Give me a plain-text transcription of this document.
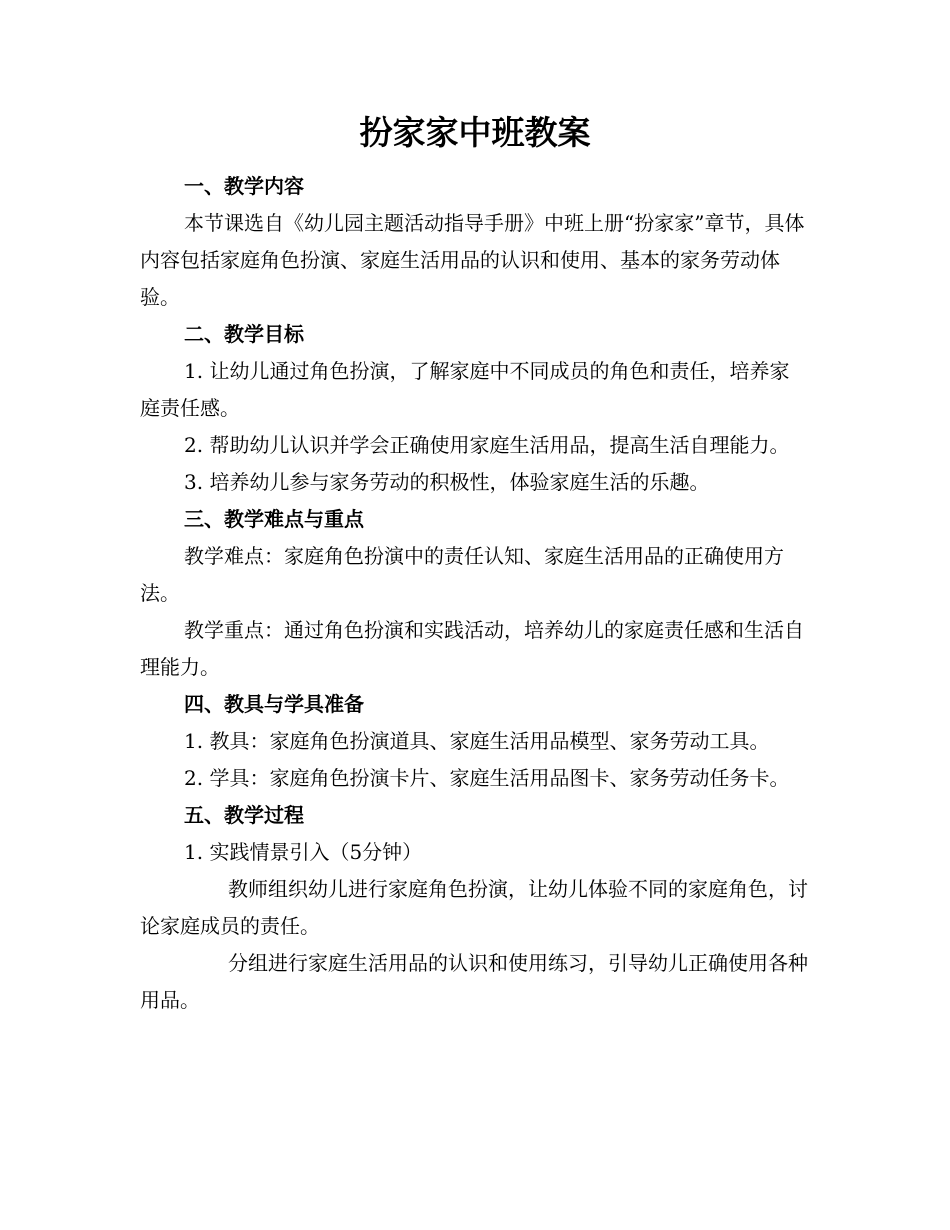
扮家家中班教案

一、教学内容

本节课选自《幼儿园主题活动指导手册》中班上册“扮家家”章节，具体内容包括家庭角色扮演、家庭生活用品的认识和使用、基本的家务劳动体验。

二、教学目标

1. 让幼儿通过角色扮演，了解家庭中不同成员的角色和责任，培养家庭责任感。

2. 帮助幼儿认识并学会正确使用家庭生活用品，提高生活自理能力。

3. 培养幼儿参与家务劳动的积极性，体验家庭生活的乐趣。

三、教学难点与重点

教学难点：家庭角色扮演中的责任认知、家庭生活用品的正确使用方法。

教学重点：通过角色扮演和实践活动，培养幼儿的家庭责任感和生活自理能力。

四、教具与学具准备

1. 教具：家庭角色扮演道具、家庭生活用品模型、家务劳动工具。

2. 学具：家庭角色扮演卡片、家庭生活用品图卡、家务劳动任务卡。

五、教学过程

1. 实践情景引入（5分钟）

教师组织幼儿进行家庭角色扮演，让幼儿体验不同的家庭角色，讨论家庭成员的责任。

分组进行家庭生活用品的认识和使用练习，引导幼儿正确使用各种用品。
